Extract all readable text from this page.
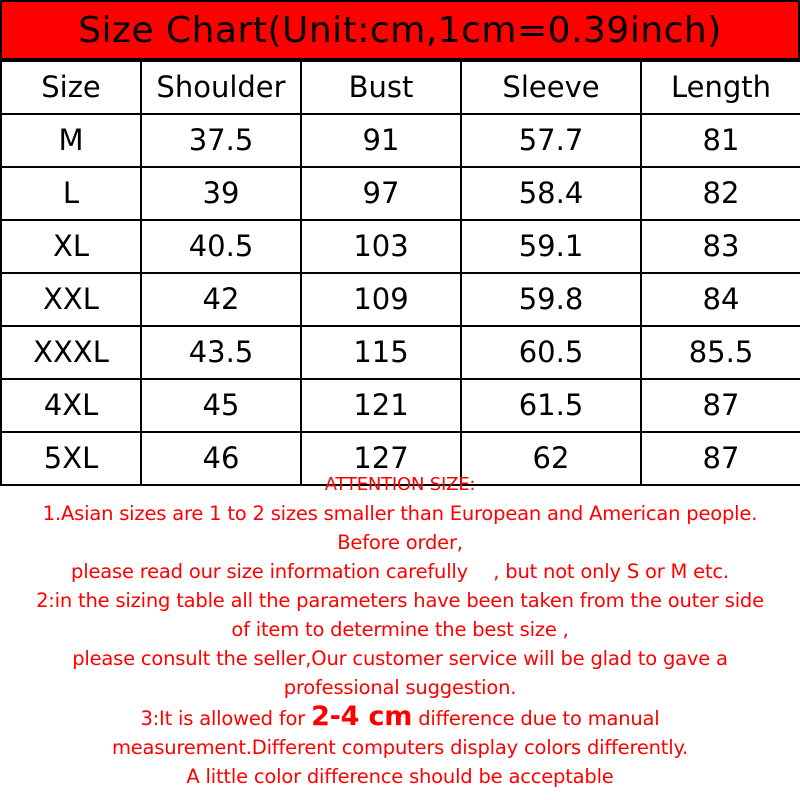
Size Chart(Unit:cm,1cm=0.39inch)
Size	Shoulder	Bust	Sleeve	Length
M	37.5	91	57.7	81
L	39	97	58.4	82
XL	40.5	103	59.1	83
XXL	42	109	59.8	84
XXXL	43.5	115	60.5	85.5
4XL	45	121	61.5	87
5XL	46	127	62	87

ATTENTION SIZE:

1.Asian sizes are 1 to 2 sizes smaller than European and American people.

Before order,

please read our size information carefully 　, but not only S or M etc.

2:in the sizing table all the parameters have been taken from the outer side

of item to determine the best size ,

please consult the seller,Our customer service will be glad to gave a

professional suggestion.

3:It is allowed for 2-4 cm difference due to manual

measurement.Different computers display colors differently.

A little color difference should be acceptable
